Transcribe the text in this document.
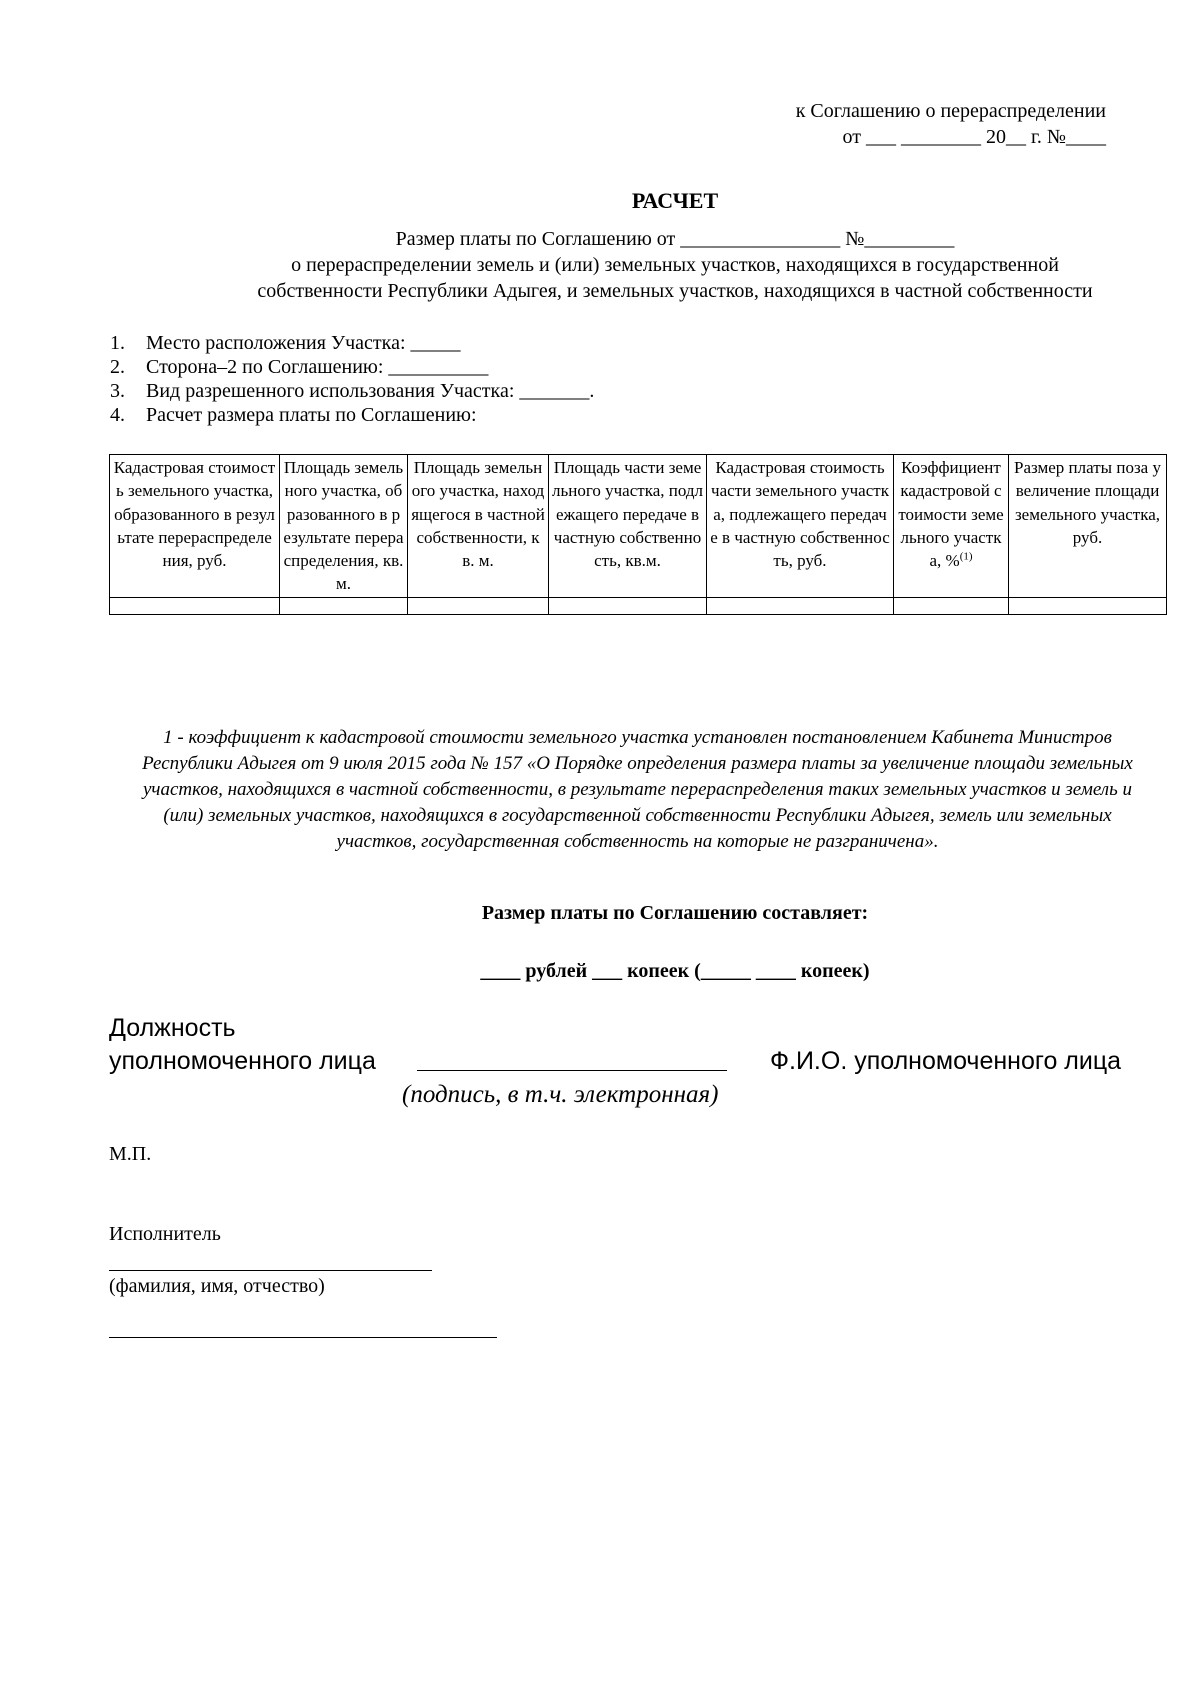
к Соглашению о перераспределении
от ___ ________ 20__ г. №____
РАСЧЕТ
Размер платы по Соглашению от ________________ №_________
о перераспределении земель и (или) земельных участков, находящихся в государственной
собственности Республики Адыгея, и земельных участков, находящихся в частной собственности
1.	Место расположения Участка: _____
2.	Сторона–2 по Соглашению: __________
3.	Вид разрешенного использования Участка: _______.
4.	Расчет размера платы по Соглашению:
Кадастровая стоимость земельного участка, образованного в результате перераспределения, руб.	Площадь земельного участка, образованного в результате перераспределения, кв. м.	Площадь земельного участка, находящегося в частной собственности, кв. м.	Площадь части земельного участка, подлежащего передаче в частную собственность, кв.м.	Кадастровая стоимость части земельного участка, подлежащего передаче в частную собственность, руб.	Коэффициент кадастровой стоимости земельного участка, %$^{(1)}$	Размер платы поза увеличение площади земельного участка, руб.

1 - коэффициент к кадастровой стоимости земельного участка установлен постановлением Кабинета Министров Республики Адыгея от 9 июля 2015 года № 157 «О Порядке определения размера платы за увеличение площади земельных участков, находящихся в частной собственности, в результате перераспределения таких земельных участков и земель и (или) земельных участков, находящихся в государственной собственности Республики Адыгея, земель или земельных участков, государственная собственность на которые не разграничена».
Размер платы по Соглашению составляет:
____ рублей ___ копеек (_____ ____ копеек)
Должность
уполномоченного лица	Ф.И.О. уполномоченного лица
(подпись, в т.ч. электронная)
М.П.
Исполнитель
(фамилия, имя, отчество)
